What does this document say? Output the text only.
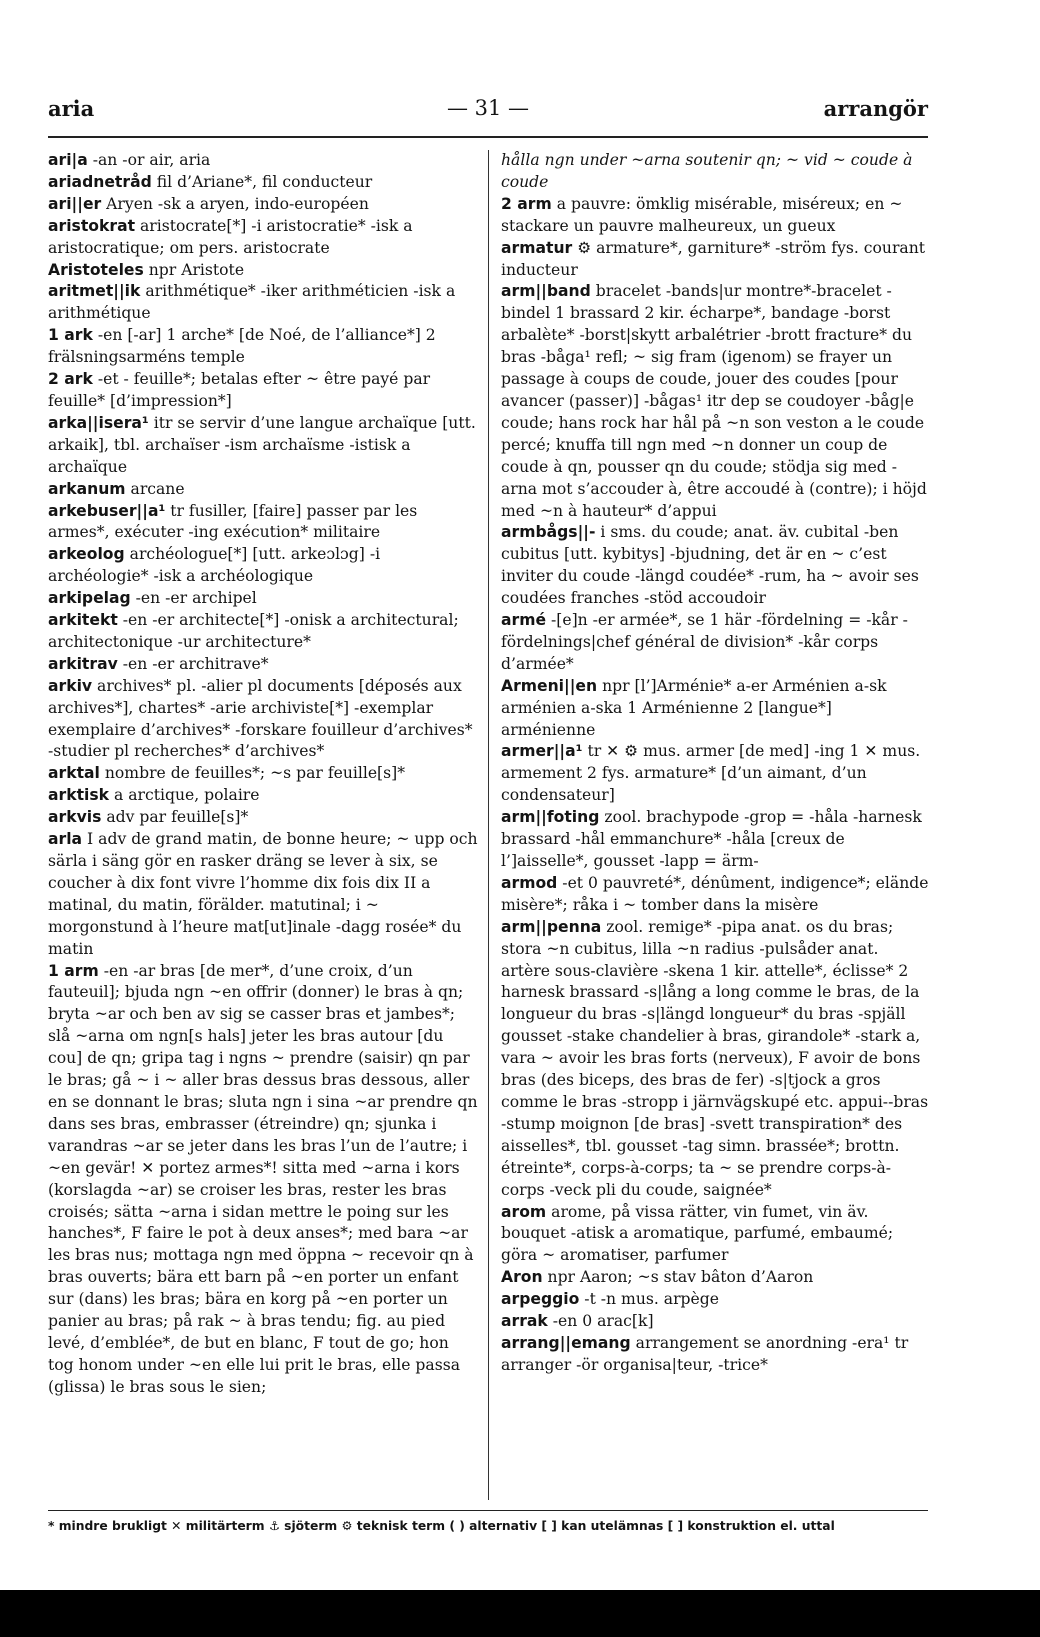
aria	— 31 —	arrangör

ari|a -an -or air, aria

ariadnetråd fil d’Ariane*, fil conducteur

ari||er Aryen -sk a aryen, indo-européen

aristokrat aristocrate[*] -i aristocratie* -isk a aristocratique; om pers. aristocrate

Aristoteles npr Aristote

aritmet||ik arithmétique* -iker arithméticien -isk a arithmétique

1 ark -en [-ar] 1 arche* [de Noé, de l’alliance*] 2 frälsningsarméns temple

2 ark -et - feuille*; betalas efter ~ être payé par feuille* [d’impression*]

arka||isera¹ itr se servir d’une langue archaïque [utt. arkaik], tbl. archaïser -ism archaïsme -istisk a archaïque

arkanum arcane

arkebuser||a¹ tr fusiller, [faire] passer par les armes*, exécuter -ing exécution* militaire

arkeolog archéologue[*] [utt. arkeɔlɔg] -i archéologie* -isk a archéologique

arkipelag -en -er archipel

arkitekt -en -er architecte[*] -onisk a architectural; architectonique -ur architecture*

arkitrav -en -er architrave*

arkiv archives* pl. -alier pl documents [déposés aux archives*], chartes* -arie archiviste[*] -exemplar exemplaire d’archives* -forskare fouilleur d’archives* -studier pl recherches* d’archives*

arktal nombre de feuilles*; ~s par feuille[s]*

arktisk a arctique, polaire

arkvis adv par feuille[s]*

arla I adv de grand matin, de bonne heure; ~ upp och särla i säng gör en rasker dräng se lever à six, se coucher à dix font vivre l’homme dix fois dix II a matinal, du matin, förälder. matutinal; i ~ morgonstund à l’heure mat[ut]inale -dagg rosée* du matin

1 arm -en -ar bras [de mer*, d’une croix, d’un fauteuil]; bjuda ngn ~en offrir (donner) le bras à qn; bryta ~ar och ben av sig se casser bras et jambes*; slå ~arna om ngn[s hals] jeter les bras autour [du cou] de qn; gripa tag i ngns ~ prendre (saisir) qn par le bras; gå ~ i ~ aller bras dessus bras dessous, aller en se donnant le bras; sluta ngn i sina ~ar prendre qn dans ses bras, embrasser (étreindre) qn; sjunka i varandras ~ar se jeter dans les bras l’un de l’autre; i ~en gevär! ✕ portez armes*! sitta med ~arna i kors (korslagda ~ar) se croiser les bras, rester les bras croisés; sätta ~arna i sidan mettre le poing sur les hanches*, F faire le pot à deux anses*; med bara ~ar les bras nus; mottaga ngn med öppna ~ recevoir qn à bras ouverts; bära ett barn på ~en porter un enfant sur (dans) les bras; bära en korg på ~en porter un panier au bras; på rak ~ à bras tendu; fig. au pied levé, d’emblée*, de but en blanc, F tout de go; hon tog honom under ~en elle lui prit le bras, elle passa (glissa) le bras sous le sien;

hålla ngn under ~arna soutenir qn; ~ vid ~ coude à coude

2 arm a pauvre: ömklig misérable, miséreux; en ~ stackare un pauvre malheureux, un gueux

armatur ⚙ armature*, garniture* -ström fys. courant inducteur

arm||band bracelet -bands|ur montre*-bracelet -bindel 1 brassard 2 kir. écharpe*, bandage -borst arbalète* -borst|skytt arbalétrier -brott fracture* du bras -båga¹ refl; ~ sig fram (igenom) se frayer un passage à coups de coude, jouer des coudes [pour avancer (passer)] -bågas¹ itr dep se coudoyer -båg|e coude; hans rock har hål på ~n son veston a le coude percé; knuffa till ngn med ~n donner un coup de coude à qn, pousser qn du coude; stödja sig med -arna mot s’accouder à, être accoudé à (contre); i höjd med ~n à hauteur* d’appui

armbågs||- i sms. du coude; anat. äv. cubital -ben cubitus [utt. kybitys] -bjudning, det är en ~ c’est inviter du coude -längd coudée* -rum, ha ~ avoir ses coudées franches -stöd accoudoir

armé -[e]n -er armée*, se 1 här -fördelning = -kår -fördelnings|chef général de division* -kår corps d’armée*

Armeni||en npr [l’]Arménie* a-er Arménien a-sk arménien a-ska 1 Arménienne 2 [langue*] arménienne

armer||a¹ tr ✕ ⚙ mus. armer [de med] -ing 1 ✕ mus. armement 2 fys. armature* [d’un aimant, d’un condensateur]

arm||foting zool. brachypode -grop = -håla -harnesk brassard -hål emmanchure* -håla [creux de l’]aisselle*, gousset -lapp = ärm-

armod -et 0 pauvreté*, dénûment, indigence*; elände misère*; råka i ~ tomber dans la misère

arm||penna zool. remige* -pipa anat. os du bras; stora ~n cubitus, lilla ~n radius -pulsåder anat. artère sous-clavière -skena 1 kir. attelle*, éclisse* 2 harnesk brassard -s|lång a long comme le bras, de la longueur du bras -s|längd longueur* du bras -spjäll gousset -stake chandelier à bras, girandole* -stark a, vara ~ avoir les bras forts (nerveux), F avoir de bons bras (des biceps, des bras de fer) -s|tjock a gros comme le bras -stropp i järnvägskupé etc. appui--bras -stump moignon [de bras] -svett transpiration* des aisselles*, tbl. gousset -tag simn. brassée*; brottn. étreinte*, corps-à-corps; ta ~ se prendre corps-à-corps -veck pli du coude, saignée*

arom arome, på vissa rätter, vin fumet, vin äv. bouquet -atisk a aromatique, parfumé, embaumé; göra ~ aromatiser, parfumer

Aron npr Aaron; ~s stav bâton d’Aaron

arpeggio -t -n mus. arpège

arrak -en 0 arac[k]

arrang||emang arrangement se anordning -era¹ tr arranger -ör organisa|teur, -trice*

* mindre brukligt ✕ militärterm ⚓ sjöterm ⚙ teknisk term ( ) alternativ [ ] kan utelämnas [ ] konstruktion el. uttal
